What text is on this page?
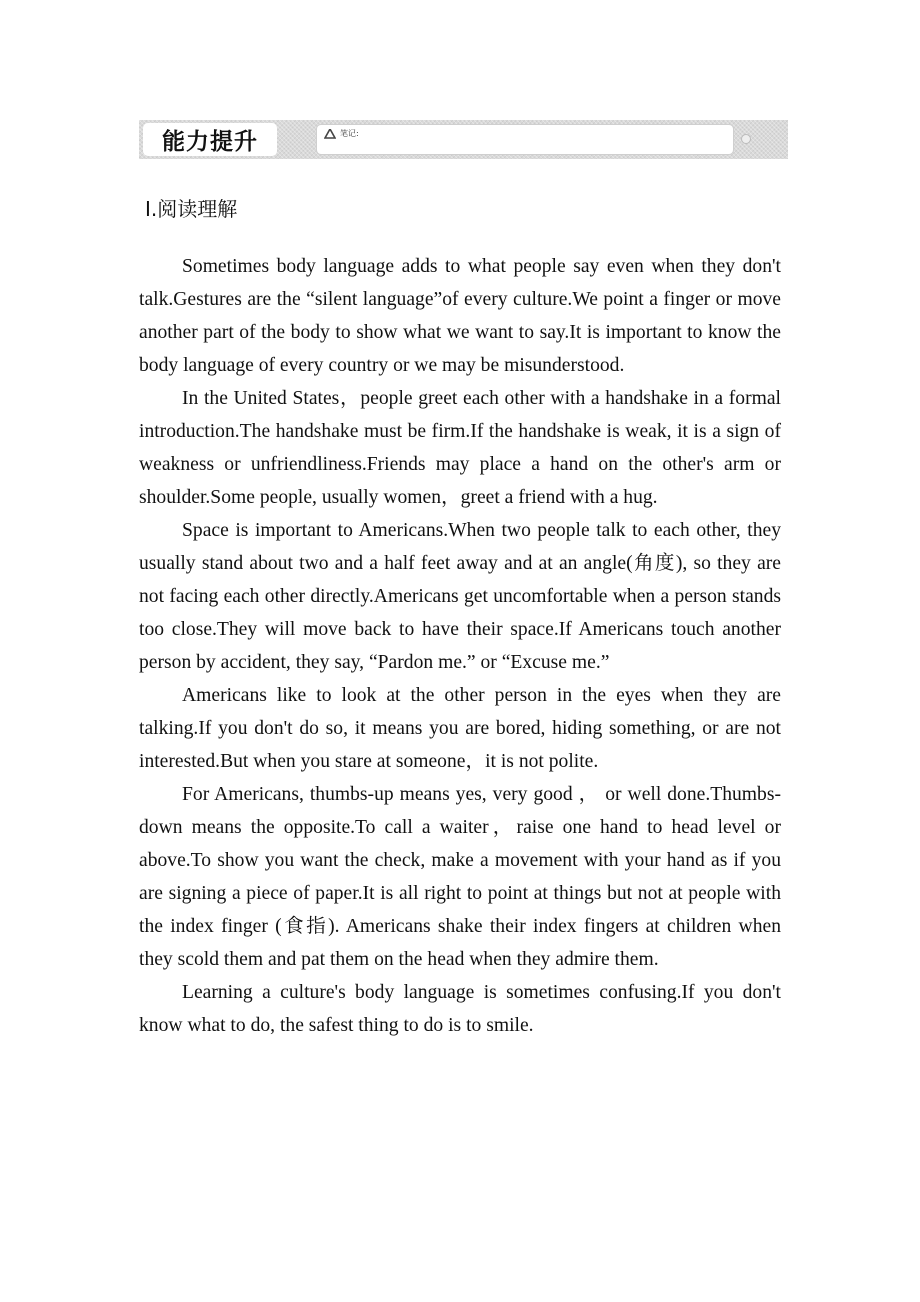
能力提升	笔记:
Ⅰ.阅读理解

Sometimes body language adds to what people say even when they don't talk.Gestures are the “silent language”of every culture.We point a finger or move another part of the body to show what we want to say.It is important to know the body language of every country or we may be misunderstood.

In the United States，people greet each other with a handshake in a formal introduction.The handshake must be firm.If the handshake is weak, it is a sign of weakness or unfriendliness.Friends may place a hand on the other's arm or shoulder.Some people, usually women，greet a friend with a hug.

Space is important to Americans.When two people talk to each other, they usually stand about two and a half feet away and at an angle(角度), so they are not facing each other directly.Americans get uncomfortable when a person stands too close.They will move back to have their space.If Americans touch another person by accident, they say, “Pardon me.” or “Excuse me.”

Americans like to look at the other person in the eyes when they are talking.If you don't do so, it means you are bored, hiding something, or are not interested.But when you stare at someone，it is not polite.

For Americans, thumbs-up means yes, very good ， or well done.Thumbs-down means the opposite.To call a waiter，raise one hand to head level or above.To show you want the check, make a movement with your hand as if you are signing a piece of paper.It is all right to point at things but not at people with the index finger (食指). Americans shake their index fingers at children when they scold them and pat them on the head when they admire them.

Learning a culture's body language is sometimes confusing.If you don't know what to do, the safest thing to do is to smile.
